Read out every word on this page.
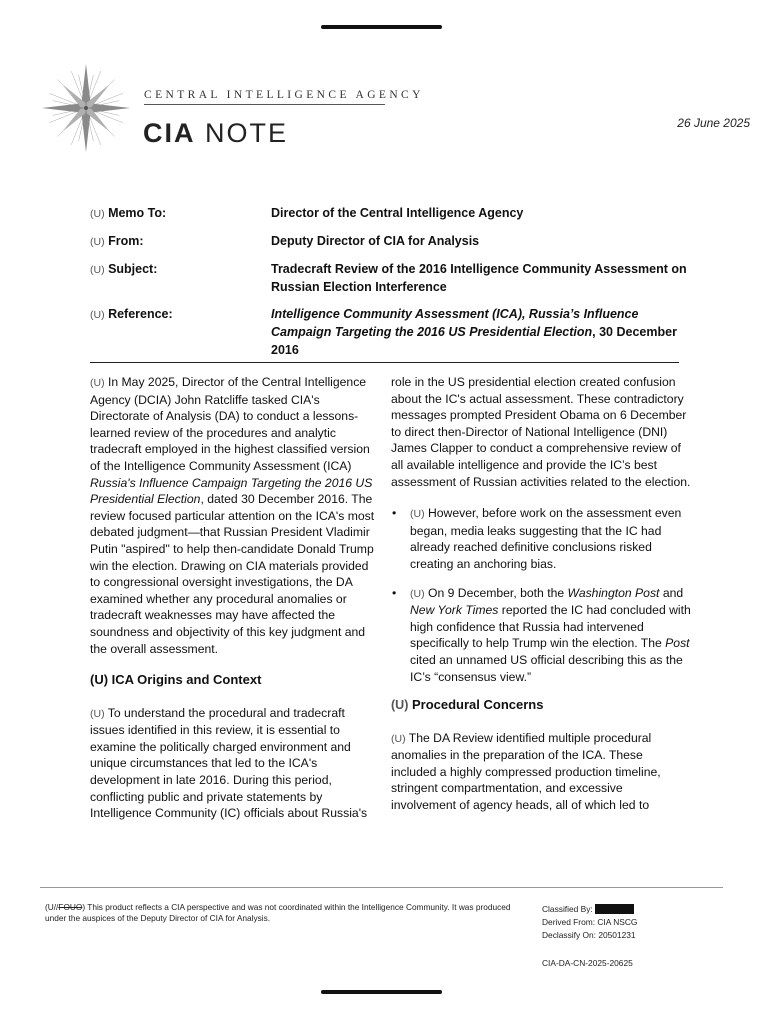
CENTRAL INTELLIGENCE AGENCY
CIA NOTE	26 June 2025
(U) Memo To:	Director of the Central Intelligence Agency
(U) From:	Deputy Director of CIA for Analysis
(U) Subject:	Tradecraft Review of the 2016 Intelligence Community Assessment on Russian Election Interference
(U) Reference:	Intelligence Community Assessment (ICA), Russia’s Influence Campaign Targeting the 2016 US Presidential Election, 30 December 2016

(U) In May 2025, Director of the Central Intelligence Agency (DCIA) John Ratcliffe tasked CIA's Directorate of Analysis (DA) to conduct a lessons-learned review of the procedures and analytic tradecraft employed in the highest classified version of the Intelligence Community Assessment (ICA) Russia's Influence Campaign Targeting the 2016 US Presidential Election, dated 30 December 2016. The review focused particular attention on the ICA's most debated judgment—that Russian President Vladimir Putin "aspired" to help then-candidate Donald Trump win the election. Drawing on CIA materials provided to congressional oversight investigations, the DA examined whether any procedural anomalies or tradecraft weaknesses may have affected the soundness and objectivity of this key judgment and the overall assessment.

(U) ICA Origins and Context

(U) To understand the procedural and tradecraft issues identified in this review, it is essential to examine the politically charged environment and unique circumstances that led to the ICA's development in late 2016. During this period, conflicting public and private statements by Intelligence Community (IC) officials about Russia's

role in the US presidential election created confusion about the IC's actual assessment. These contradictory messages prompted President Obama on 6 December to direct then-Director of National Intelligence (DNI) James Clapper to conduct a comprehensive review of all available intelligence and provide the IC’s best assessment of Russian activities related to the election.

• (U) However, before work on the assessment even began, media leaks suggesting that the IC had already reached definitive conclusions risked creating an anchoring bias.
• (U) On 9 December, both the Washington Post and New York Times reported the IC had concluded with high confidence that Russia had intervened specifically to help Trump win the election. The Post cited an unnamed US official describing this as the IC’s “consensus view.”
(U) Procedural Concerns

(U) The DA Review identified multiple procedural anomalies in the preparation of the ICA. These included a highly compressed production timeline, stringent compartmentation, and excessive involvement of agency heads, all of which led to

(U//FOUO) This product reflects a CIA perspective and was not coordinated within the Intelligence Community. It was produced under the auspices of the Deputy Director of CIA for Analysis.
Classified By:
Derived From: CIA NSCG
Declassify On: 20501231
CIA-DA-CN-2025-20625
